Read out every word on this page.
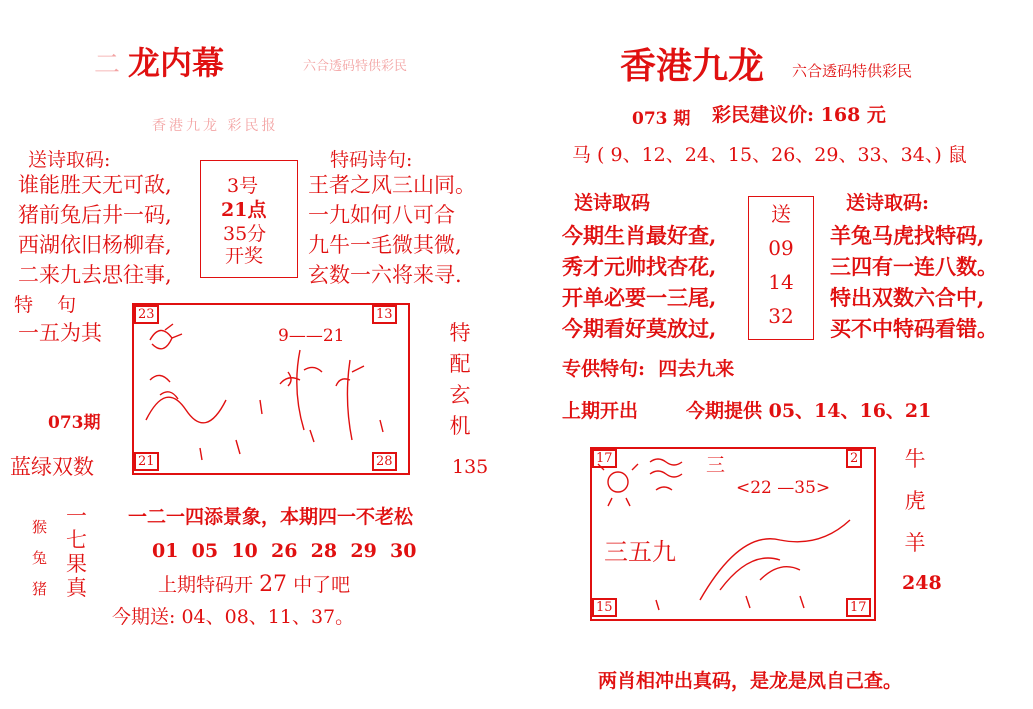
二 龙内幕	六合透码特供彩民
香港九龙 彩民报
送诗取码:
谁能胜天无可敌,
猪前兔后井一码,
西湖依旧杨柳春,
二来九去思往事,
3号
21点
35分
开奖
特码诗句:
王者之风三山同。
一九如何八可合
九牛一毛微其微,
玄数一六将来寻.
特    句
一五为其
073期
蓝绿双数
23	13
21	28
9——21	特
配
玄
机
135
猴
兔
猪
一
七
果
真
一二一四添景象，本期四一不老松
01  05  10  26  28  29  30
上期特码开 27 中了吧
今期送: 04、08、11、37。
香港九龙 六合透码特供彩民
073 期 彩民建议价: 168 元
马 ( 9、12、24、15、26、29、33、34、) 鼠
送诗取码	送诗取码:
今期生肖最好查,
秀才元帅找杏花,
开单必要一三尾,
今期看好莫放过,
送
09
14
32
羊兔马虎找特码,
三四有一连八数。
特出双数六合中,
买不中特码看错。
专供特句:  四去九来
上期开出	今期提供 05、14、16、21
17	2
15	17
三
<22 —35>
三五九
牛
虎
羊
248
两肖相冲出真码，是龙是凤自己查。
